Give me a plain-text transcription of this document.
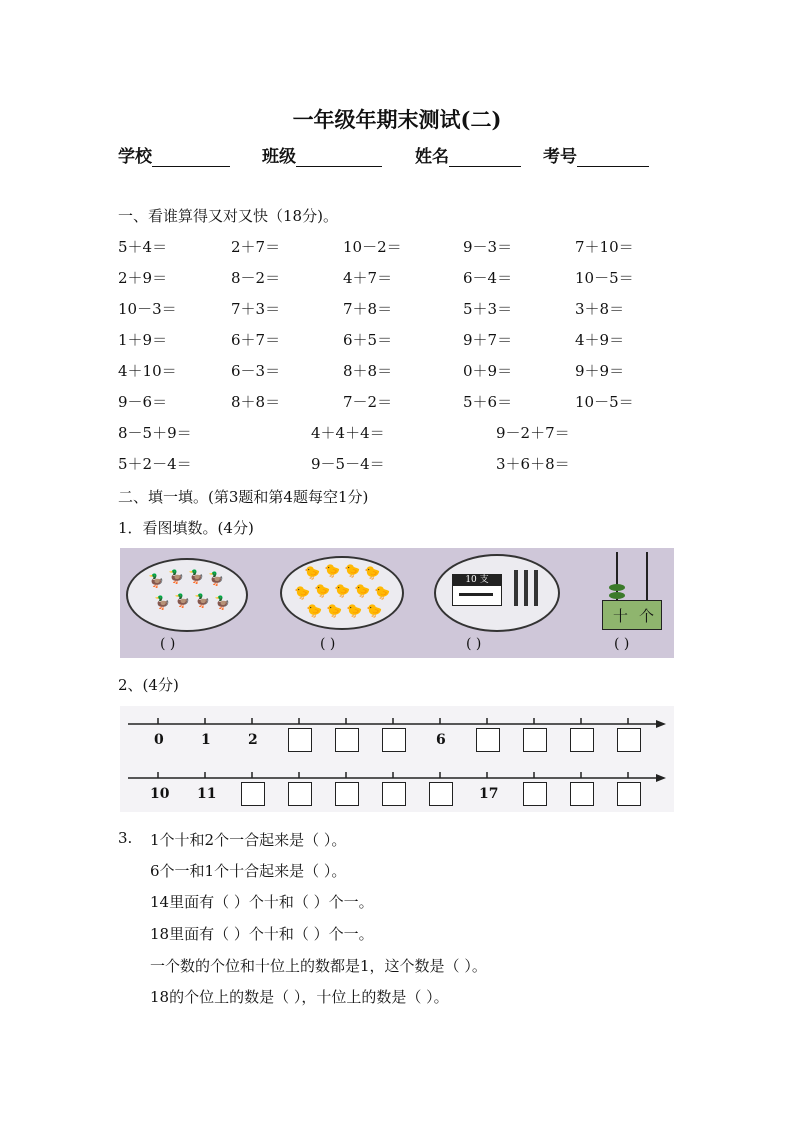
一年级年期末测试(二)
学校	班级	姓名	考号
一、看谁算得又对又快（18分)。
5＋4＝	2＋7＝	10－2＝	9－3＝	7＋10＝
2＋9＝	8－2＝	4＋7＝	6－4＝	10－5＝
10－3＝	7＋3＝	7＋8＝	5＋3＝	3＋8＝
1＋9＝	6＋7＝	6＋5＝	9＋7＝	4＋9＝
4＋10＝	6－3＝	8＋8＝	0＋9＝	9＋9＝
9－6＝	8＋8＝	7－2＝	5＋6＝	10－5＝
8－5＋9＝	4＋4＋4＝	9－2＋7＝
5＋2－4＝	9－5－4＝	3＋6＋8＝
二、填一填。(第3题和第4题每空1分)
1．看图填数。(4分)
🦆 🦆 🦆 🦆
🦆 🦆 🦆 🦆
🐤 🐤 🐤 🐤
🐤 🐤 🐤 🐤 🐤
🐤 🐤 🐤 🐤
10 支
十 个
( )	( )	( )	( )
2、(4分)
0	1	2	6
10 11	17
3. 1个十和2个一合起来是（ ）。
6个一和1个十合起来是（ ）。
14里面有（ ）个十和（ ）个一。
18里面有（ ）个十和（ ）个一。
一个数的个位和十位上的数都是1，这个数是（ ）。
18的个位上的数是（ ），十位上的数是（ ）。
